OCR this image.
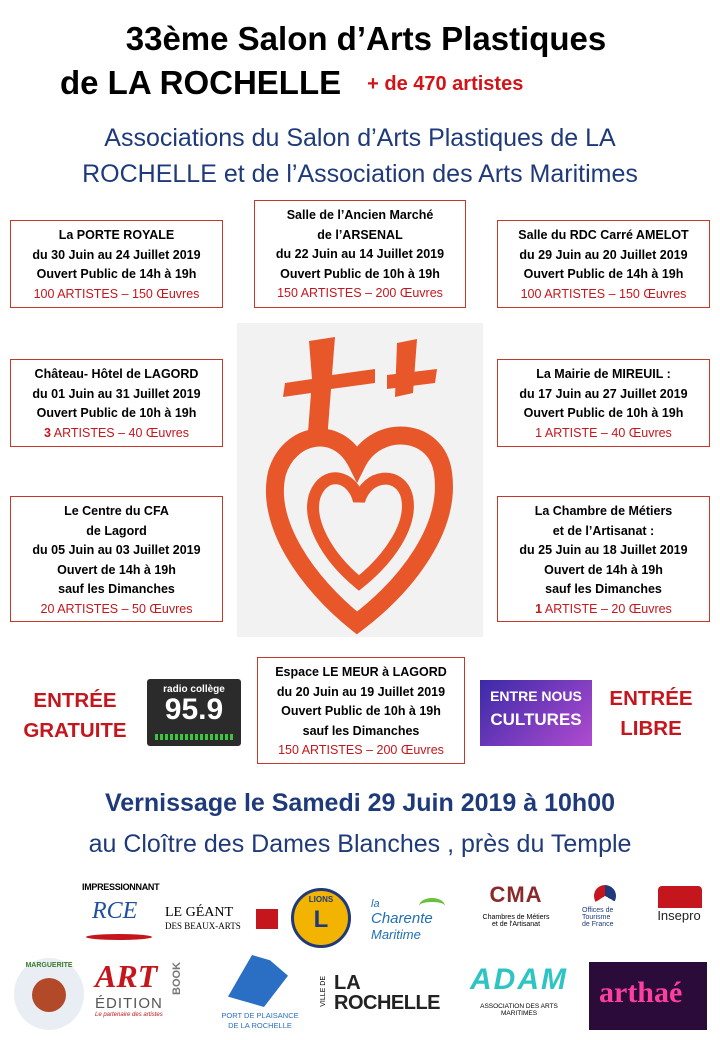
33ème Salon d’Arts Plastiques
de LA ROCHELLE + de 470 artistes
Associations du Salon d’Arts Plastiques de LA
ROCHELLE et de l’Association des Arts Maritimes
La PORTE ROYALE
du 30 Juin au 24 Juillet 2019
Ouvert Public de 14h à 19h
100 ARTISTES – 150 Œuvres
Salle de l’Ancien Marché
de l’ARSENAL
du 22 Juin au 14 Juillet 2019
Ouvert Public de 10h à 19h
150 ARTISTES – 200 Œuvres
Salle du RDC Carré AMELOT
du 29 Juin au 20 Juillet 2019
Ouvert Public de 14h à 19h
100 ARTISTES – 150 Œuvres
Château- Hôtel de LAGORD
du 01 Juin au 31 Juillet 2019
Ouvert Public de 10h à 19h
3 ARTISTES – 40 Œuvres
La Mairie de MIREUIL :
du 17 Juin au 27 Juillet 2019
Ouvert Public de 10h à 19h
1 ARTISTE – 40 Œuvres
Le Centre du CFA
de Lagord
du 05 Juin au 03 Juillet 2019
Ouvert de 14h à 19h
sauf les Dimanches
20 ARTISTES – 50 Œuvres
La Chambre de Métiers
et de l’Artisanat :
du 25 Juin au 18 Juillet 2019
Ouvert de 14h à 19h
sauf les Dimanches
1 ARTISTE – 20 Œuvres
Espace LE MEUR à LAGORD
du 20 Juin au 19 Juillet 2019
Ouvert Public de 10h à 19h
sauf les Dimanches
150 ARTISTES – 200 Œuvres
ENTRÉE
GRATUITE
ENTRÉE
LIBRE
radio collège
95.9	ENTRE NOUS
CULTURES
Vernissage le Samedi 29 Juin 2019 à 10h00
au Cloître des Dames Blanches , près du Temple
IMPRESSIONNANT
RCE	LE GÉANT
DES BEAUX-ARTS
LIONS
L
la
Charente
Maritime
CMA
Chambres de Métiers
et de l'Artisanat
Offices de
Tourisme
de France
Insepro
MARGUERITE ART	BOOK
ÉDITION
Le partenaire des artistes	PORT DE PLAISANCE
DE LA ROCHELLE
VILLE DE LA
ROCHELLE
ADAM
ASSOCIATION DES ARTS
MARITIMES
arthaé
